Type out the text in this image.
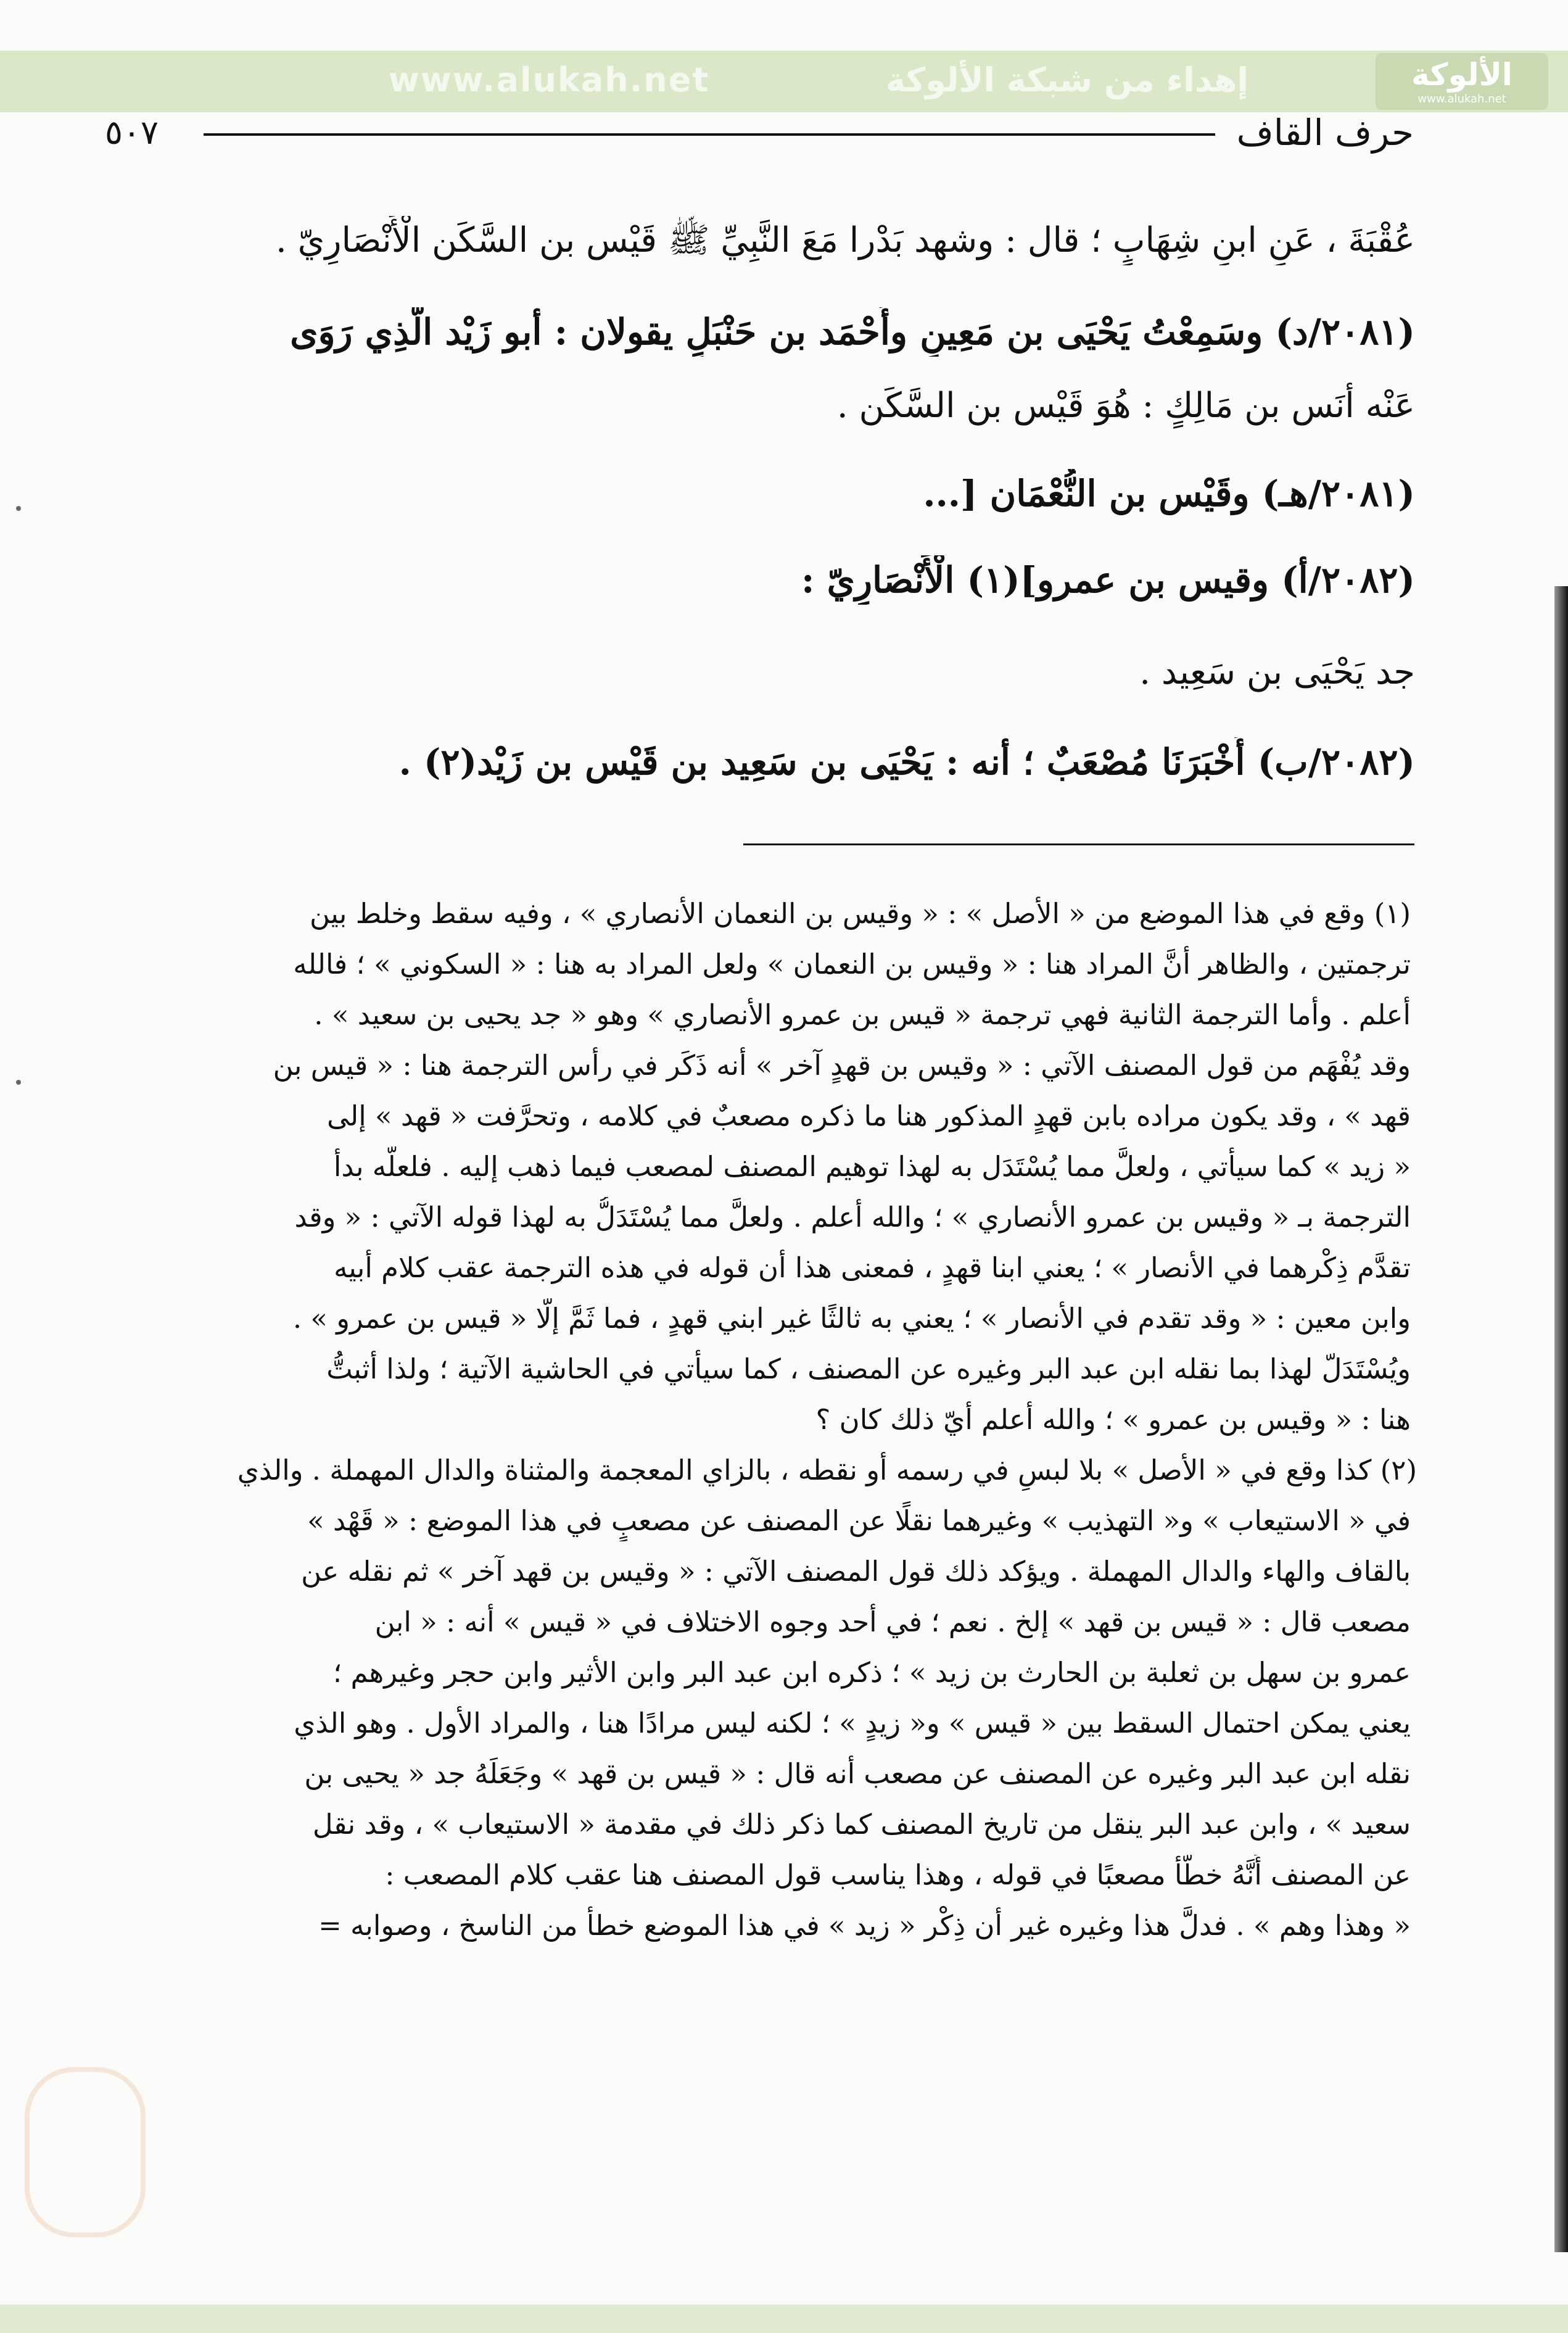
www.alukah.net	إهداء من شبكة الألوكة	الألوكة
www.alukah.net
٥٠٧	حرف القاف
عُقْبَةَ ، عَنِ ابنِ شِهَابٍ ؛ قال : وشهد بَدْرا مَعَ النَّبِيِّ ﷺ قَيْس بن السَّكَن الْأَنْصَارِيّ .
(٢٠٨١/د) وسَمِعْتُ يَحْيَى بن مَعِينٍ وأَحْمَد بن حَنْبَلٍ يقولان : أبو زَيْد الَّذِي رَوَى
عَنْه أَنَس بن مَالِكٍ : هُوَ قَيْس بن السَّكَن .
(٢٠٨١/هـ) وقَيْس بن النُّعْمَان [...
(٢٠٨٢/أ) وقيس بن عمرو](١) الْأَنْصَارِيّ :
جد يَحْيَى بن سَعِيد .
(٢٠٨٢/ب) أَخْبَرَنَا مُصْعَبٌ ؛ أنه : يَحْيَى بن سَعِيد بن قَيْس بن زَيْد(٢) .
(١) وقع في هذا الموضع من « الأصل » : « وقيس بن النعمان الأنصاري » ، وفيه سقط وخلط بين
ترجمتين ، والظاهر أنَّ المراد هنا : « وقيس بن النعمان » ولعل المراد به هنا : « السكوني » ؛ فالله
أعلم . وأما الترجمة الثانية فهي ترجمة « قيس بن عمرو الأنصاري » وهو « جد يحيى بن سعيد » .
وقد يُفْهَم من قول المصنف الآتي : « وقيس بن قهدٍ آخر » أنه ذَكَر في رأس الترجمة هنا : « قيس بن
قهد » ، وقد يكون مراده بابن قهدٍ المذكور هنا ما ذكره مصعبٌ في كلامه ، وتحرَّفت « قهد » إلى
« زيد » كما سيأتي ، ولعلَّ مما يُسْتَدَل به لهذا توهيم المصنف لمصعب فيما ذهب إليه . فلعلَّه بدأ
الترجمة بـ « وقيس بن عمرو الأنصاري » ؛ والله أعلم . ولعلَّ مما يُسْتَدَلُّ به لهذا قوله الآتي : « وقد
تقدَّم ذِكْرهما في الأنصار » ؛ يعني ابنا قهدٍ ، فمعنى هذا أن قوله في هذه الترجمة عقب كلام أبيه
وابن معين : « وقد تقدم في الأنصار » ؛ يعني به ثالثًا غير ابني قهدٍ ، فما ثَمَّ إلَّا « قيس بن عمرو » .
ويُسْتَدَلّ لهذا بما نقله ابن عبد البر وغيره عن المصنف ، كما سيأتي في الحاشية الآتية ؛ ولذا أثبتُّ
هنا : « وقيس بن عمرو » ؛ والله أعلم أيّ ذلك كان ؟
(٢) كذا وقع في « الأصل » بلا لبسٍ في رسمه أو نقطه ، بالزاي المعجمة والمثناة والدال المهملة . والذي
في « الاستيعاب » و« التهذيب » وغيرهما نقلًا عن المصنف عن مصعبٍ في هذا الموضع : « قَهْد »
بالقاف والهاء والدال المهملة . ويؤكد ذلك قول المصنف الآتي : « وقيس بن قهد آخر » ثم نقله عن
مصعب قال : « قيس بن قهد » إلخ . نعم ؛ في أحد وجوه الاختلاف في « قيس » أنه : « ابن
عمرو بن سهل بن ثعلبة بن الحارث بن زيد » ؛ ذكره ابن عبد البر وابن الأثير وابن حجر وغيرهم ؛
يعني يمكن احتمال السقط بين « قيس » و« زيدٍ » ؛ لكنه ليس مرادًا هنا ، والمراد الأول . وهو الذي
نقله ابن عبد البر وغيره عن المصنف عن مصعب أنه قال : « قيس بن قهد » وجَعَلَهُ جد « يحيى بن
سعيد » ، وابن عبد البر ينقل من تاريخ المصنف كما ذكر ذلك في مقدمة « الاستيعاب » ، وقد نقل
عن المصنف أَنَّهُ خطَّأَ مصعبًا في قوله ، وهذا يناسب قول المصنف هنا عقب كلام المصعب :
« وهذا وهم » . فدلَّ هذا وغيره غير أن ذِكْر « زيد » في هذا الموضع خطأ من الناسخ ، وصوابه =
